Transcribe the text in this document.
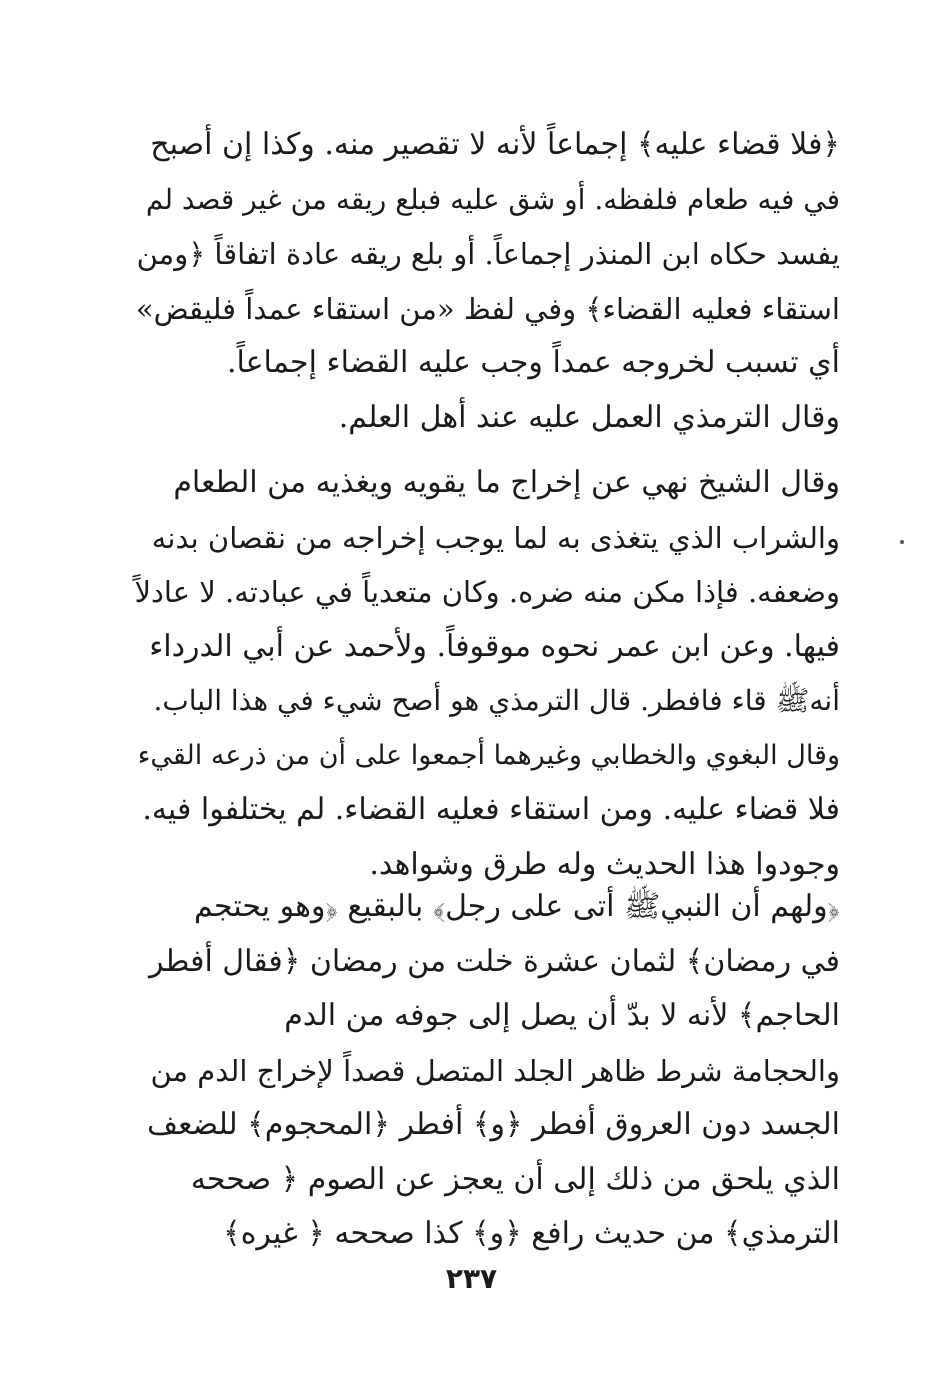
﴿فلا قضاء عليه﴾ إجماعاً لأنه لا تقصير منه. وكذا إن أصبح
في فيه طعام فلفظه. أو شق عليه فبلع ريقه من غير قصد لم
يفسد حكاه ابن المنذر إجماعاً. أو بلع ريقه عادة اتفاقاً ﴿ومن
استقاء فعليه القضاء﴾ وفي لفظ «من استقاء عمداً فليقض»
أي تسبب لخروجه عمداً وجب عليه القضاء إجماعاً.
وقال الترمذي العمل عليه عند أهل العلم.
وقال الشيخ نهي عن إخراج ما يقويه ويغذيه من الطعام
والشراب الذي يتغذى به لما يوجب إخراجه من نقصان بدنه
وضعفه. فإذا مكن منه ضره. وكان متعدياً في عبادته. لا عادلاً
فيها. وعن ابن عمر نحوه موقوفاً. ولأحمد عن أبي الدرداء
أنهﷺ قاء فافطر. قال الترمذي هو أصح شيء في هذا الباب.
وقال البغوي والخطابي وغيرهما أجمعوا على أن من ذرعه القيء
فلا قضاء عليه. ومن استقاء فعليه القضاء. لم يختلفوا فيه.
وجودوا هذا الحديث وله طرق وشواهد.
﴿ولهم أن النبيﷺ أتى على رجل﴾ بالبقيع ﴿وهو يحتجم
في رمضان﴾ لثمان عشرة خلت من رمضان ﴿فقال أفطر
الحاجم﴾ لأنه لا بدّ أن يصل إلى جوفه من الدم
والحجامة شرط ظاهر الجلد المتصل قصداً لإخراج الدم من
الجسد دون العروق أفطر ﴿و﴾ أفطر ﴿المحجوم﴾ للضعف
الذي يلحق من ذلك إلى أن يعجز عن الصوم ﴿ صححه
الترمذي﴾ من حديث رافع ﴿و﴾ كذا صححه ﴿ غيره﴾
٢٣٧
